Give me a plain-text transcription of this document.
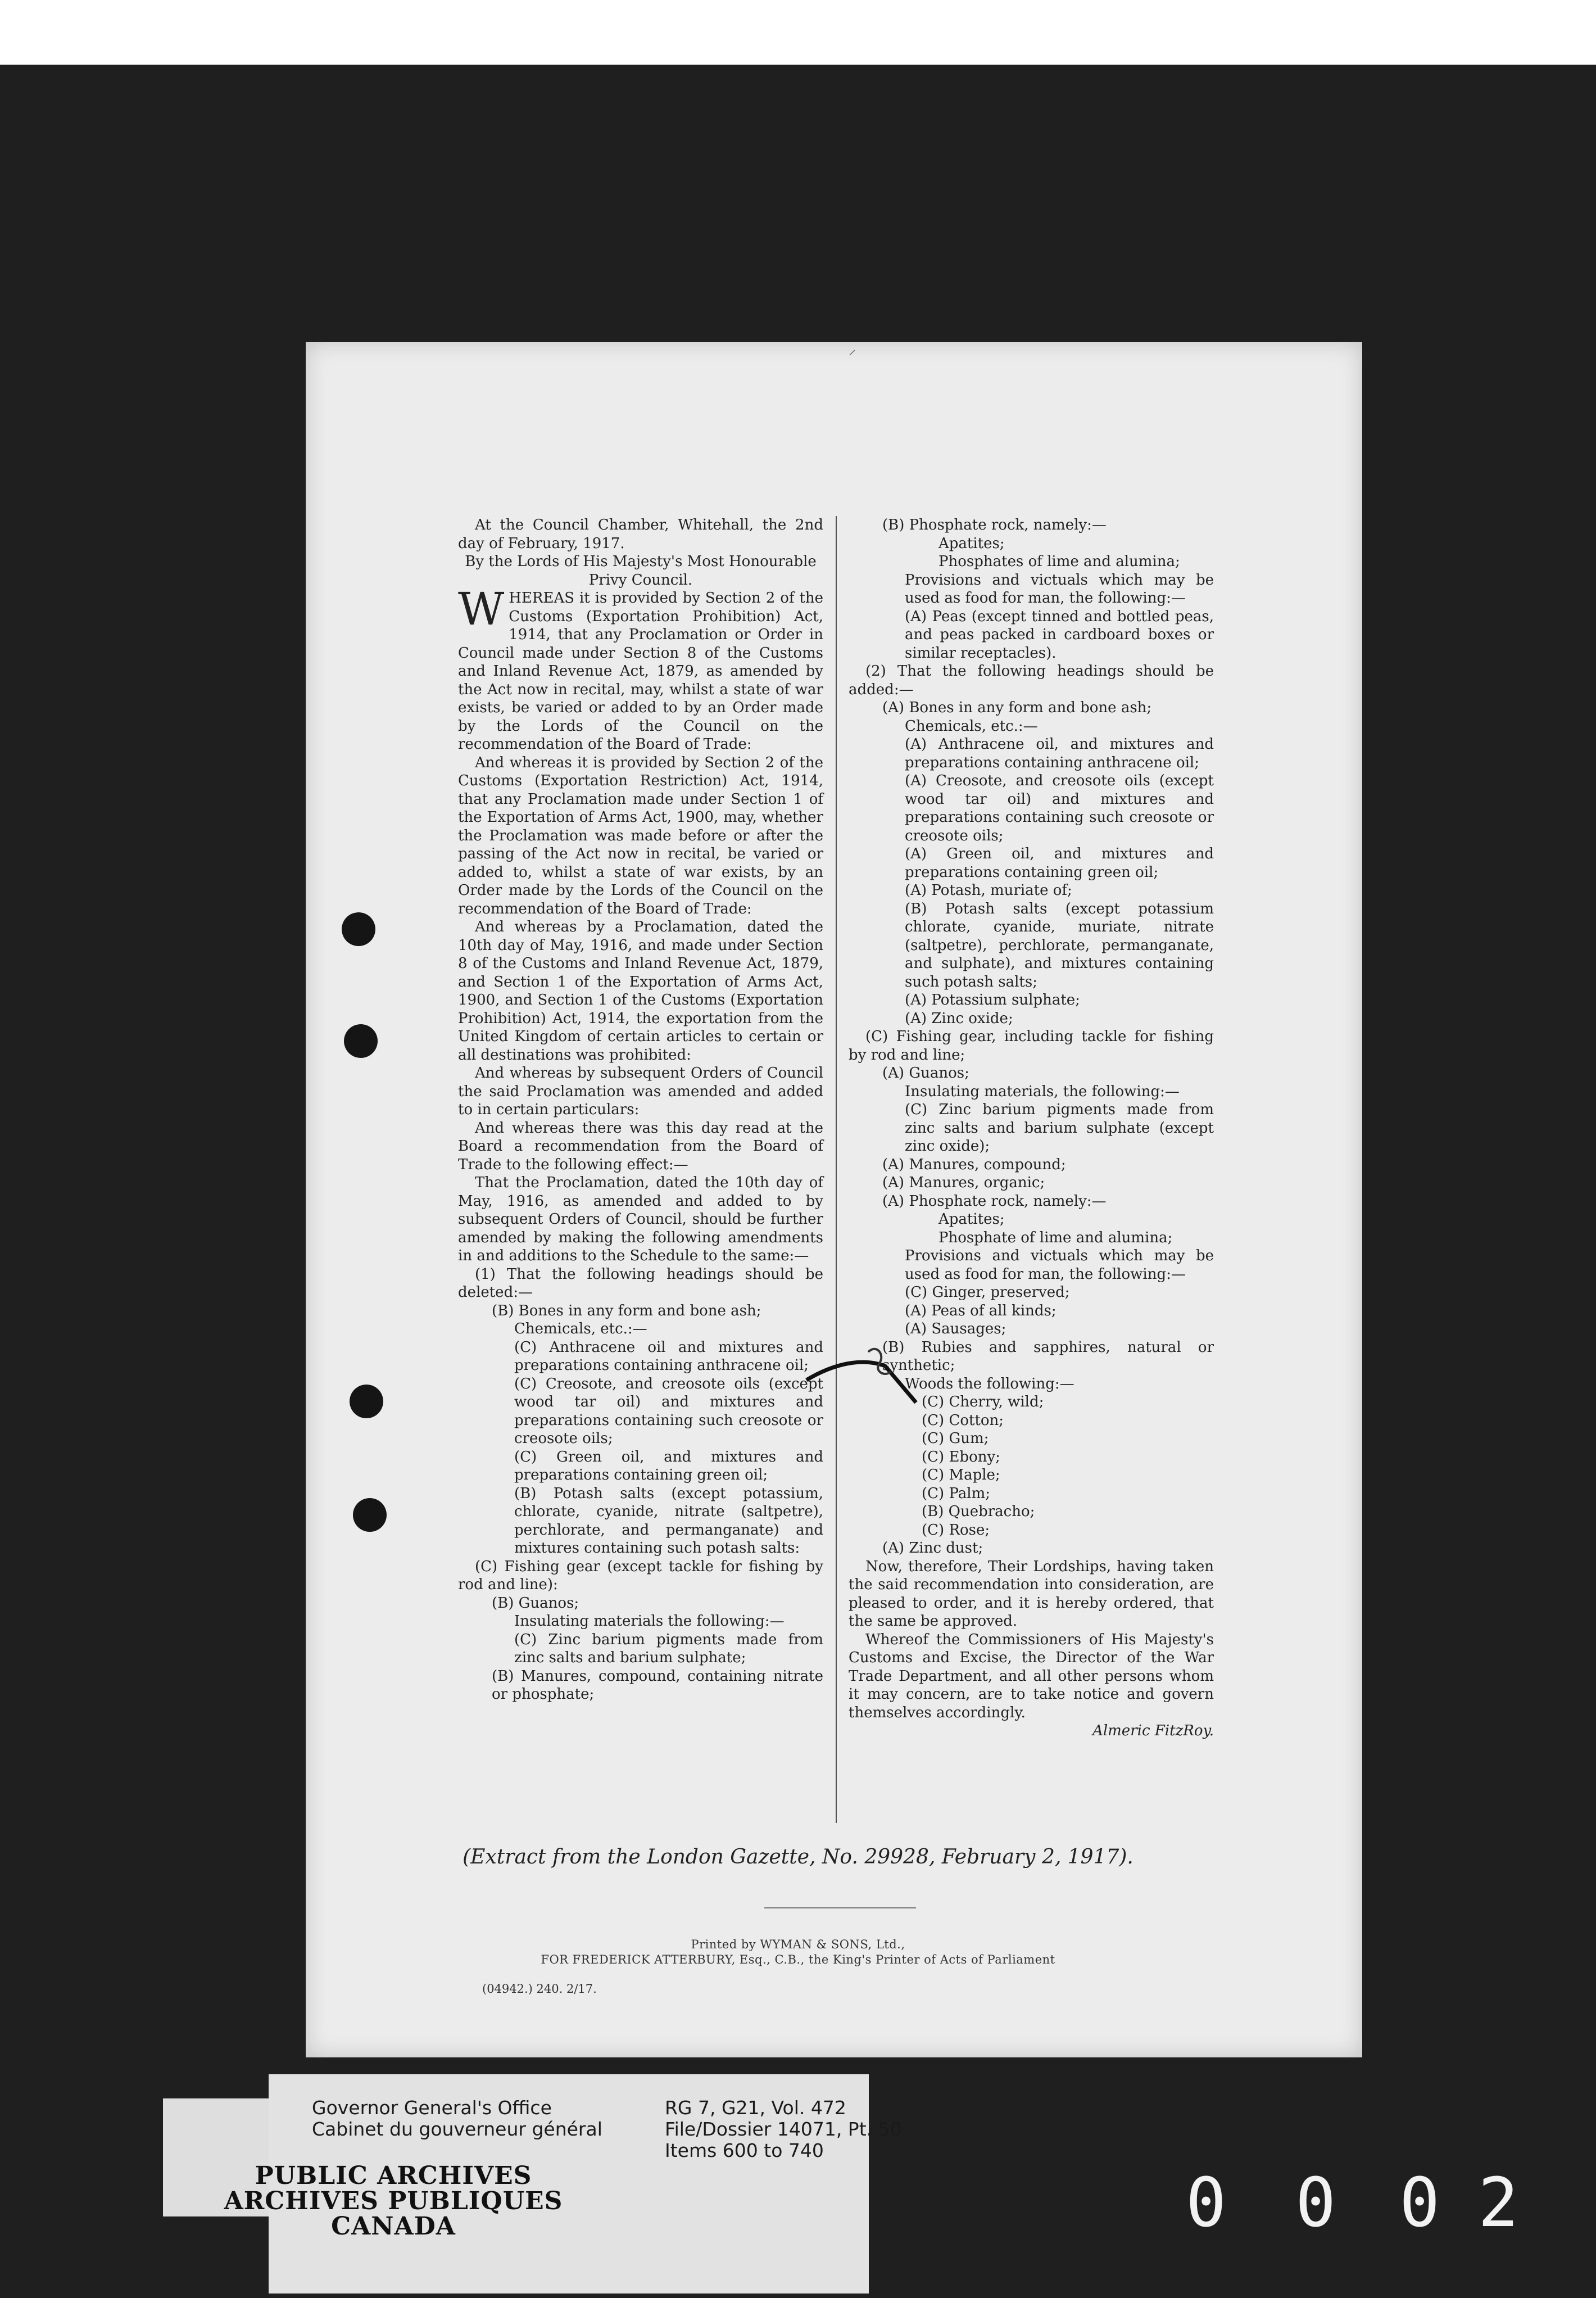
⸝

At the Council Chamber, Whitehall, the 2nd day of February, 1917.

By the Lords of His Majesty's Most Honourable Privy Council.

WHEREAS it is provided by Section 2 of the Customs (Exportation Prohibition) Act, 1914, that any Proclamation or Order in Council made under Section 8 of the Customs and Inland Revenue Act, 1879, as amended by the Act now in recital, may, whilst a state of war exists, be varied or added to by an Order made by the Lords of the Council on the recommendation of the Board of Trade:

And whereas it is provided by Section 2 of the Customs (Exportation Restriction) Act, 1914, that any Proclamation made under Section 1 of the Exportation of Arms Act, 1900, may, whether the Proclamation was made before or after the passing of the Act now in recital, be varied or added to, whilst a state of war exists, by an Order made by the Lords of the Council on the recommendation of the Board of Trade:

And whereas by a Proclamation, dated the 10th day of May, 1916, and made under Section 8 of the Customs and Inland Revenue Act, 1879, and Section 1 of the Exportation of Arms Act, 1900, and Section 1 of the Customs (Exportation Prohibition) Act, 1914, the exportation from the United Kingdom of certain articles to certain or all destinations was prohibited:

And whereas by subsequent Orders of Council the said Proclamation was amended and added to in certain particulars:

And whereas there was this day read at the Board a recommendation from the Board of Trade to the following effect:—

That the Proclamation, dated the 10th day of May, 1916, as amended and added to by subsequent Orders of Council, should be further amended by making the following amendments in and additions to the Schedule to the same:—

(1) That the following headings should be deleted:—

(B) Bones in any form and bone ash;

Chemicals, etc.:—

(C) Anthracene oil and mixtures and preparations containing anthracene oil;

(C) Creosote, and creosote oils (except wood tar oil) and mixtures and preparations containing such creosote or creosote oils;

(C) Green oil, and mixtures and preparations containing green oil;

(B) Potash salts (except potassium, chlorate, cyanide, nitrate (saltpetre), perchlorate, and permanganate) and mixtures containing such potash salts:

(C) Fishing gear (except tackle for fishing by rod and line):

(B) Guanos;

Insulating materials the following:—

(C) Zinc barium pigments made from zinc salts and barium sulphate;

(B) Manures, compound, containing nitrate or phosphate;

(B) Phosphate rock, namely:—

Apatites;

Phosphates of lime and alumina;

Provisions and victuals which may be used as food for man, the following:—

(A) Peas (except tinned and bottled peas, and peas packed in cardboard boxes or similar receptacles).

(2) That the following headings should be added:—

(A) Bones in any form and bone ash;

Chemicals, etc.:—

(A) Anthracene oil, and mixtures and preparations containing anthracene oil;

(A) Creosote, and creosote oils (except wood tar oil) and mixtures and preparations containing such creosote or creosote oils;

(A) Green oil, and mixtures and preparations containing green oil;

(A) Potash, muriate of;

(B) Potash salts (except potassium chlorate, cyanide, muriate, nitrate (saltpetre), perchlorate, permanganate, and sulphate), and mixtures containing such potash salts;

(A) Potassium sulphate;

(A) Zinc oxide;

(C) Fishing gear, including tackle for fishing by rod and line;

(A) Guanos;

Insulating materials, the following:—

(C) Zinc barium pigments made from zinc salts and barium sulphate (except zinc oxide);

(A) Manures, compound;

(A) Manures, organic;

(A) Phosphate rock, namely:—

Apatites;

Phosphate of lime and alumina;

Provisions and victuals which may be used as food for man, the following:—

(C) Ginger, preserved;

(A) Peas of all kinds;

(A) Sausages;

(B) Rubies and sapphires, natural or synthetic;

Woods the following:—

(C) Cherry, wild;

(C) Cotton;

(C) Gum;

(C) Ebony;

(C) Maple;

(C) Palm;

(B) Quebracho;

(C) Rose;

(A) Zinc dust;

Now, therefore, Their Lordships, having taken the said recommendation into consideration, are pleased to order, and it is hereby ordered, that the same be approved.

Whereof the Commissioners of His Majesty's Customs and Excise, the Director of the War Trade Department, and all other persons whom it may concern, are to take notice and govern themselves accordingly.

Almeric FitzRoy.

(Extract from the London Gazette, No. 29928, February 2, 1917).
Printed by WYMAN & SONS, Ltd.,
FOR FREDERICK ATTERBURY, Esq., C.B., the King's Printer of Acts of Parliament
(04942.) 240. 2/17.
Governor General's Office
Cabinet du gouverneur général
RG 7, G21, Vol. 472
File/Dossier 14071, Pt. 50
Items 600 to 740
PUBLIC ARCHIVES
ARCHIVES PUBLIQUES
CANADA	0 0 0 2
